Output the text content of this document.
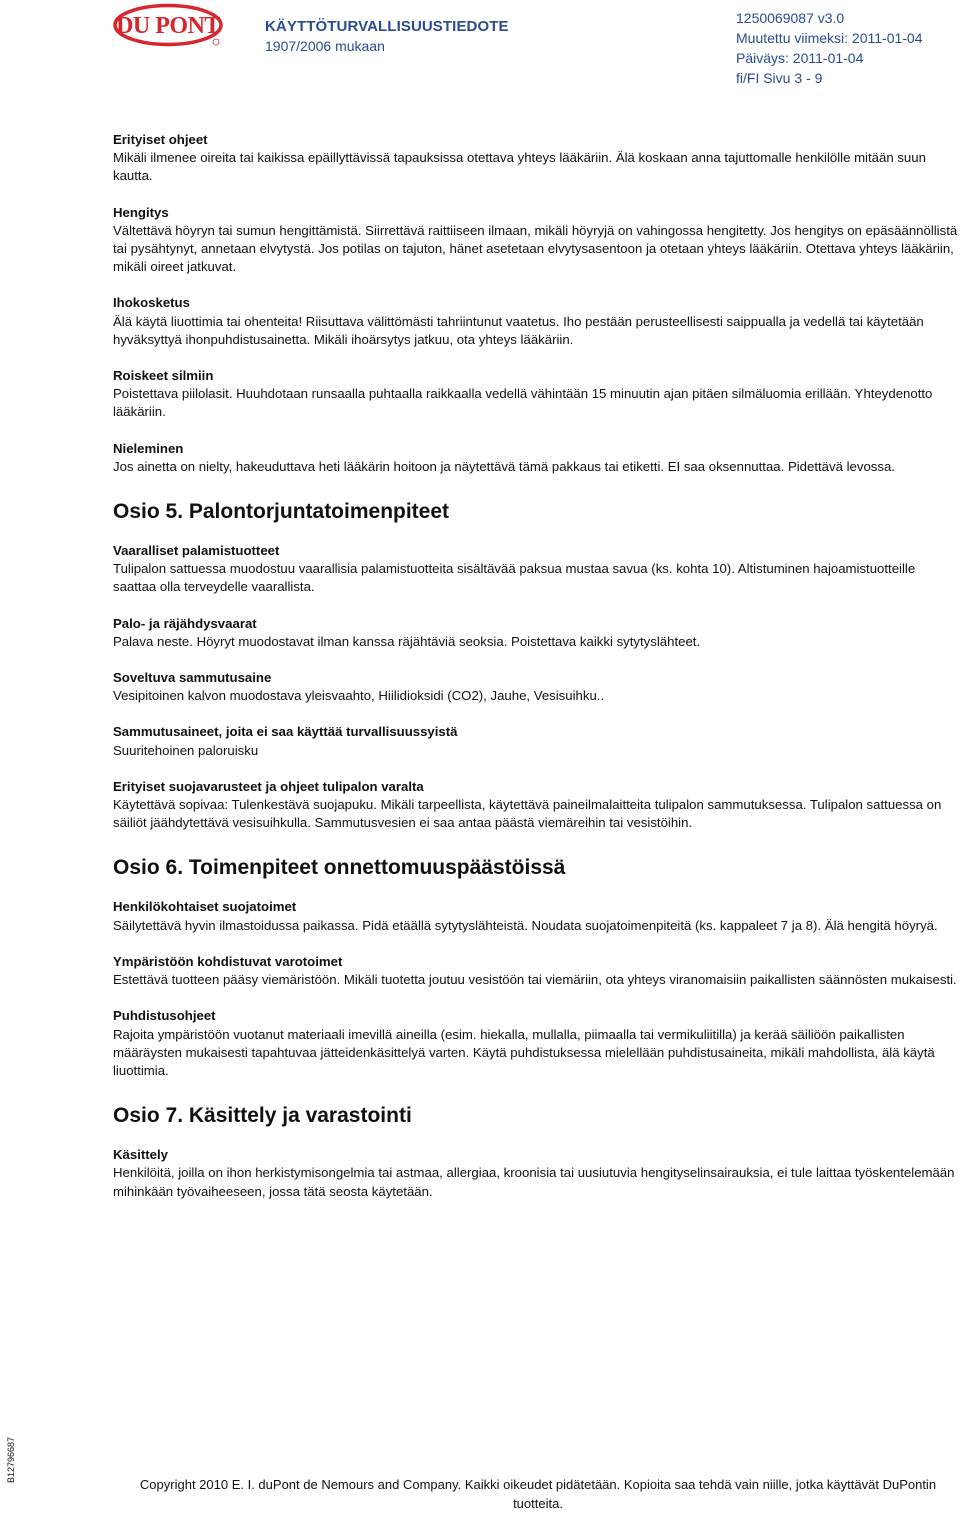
DU PONT	KÄYTTÖTURVALLISUUSTIEDOTE
1907/2006 mukaan
1250069087 v3.0
Muutettu viimeksi: 2011-01-04
Päiväys: 2011-01-04
fi/FI Sivu 3 - 9

Erityiset ohjeet

Mikäli ilmenee oireita tai kaikissa epäillyttävissä tapauksissa otettava yhteys lääkäriin. Älä koskaan anna tajuttomalle henkilölle mitään suun kautta.

Hengitys

Vältettävä höyryn tai sumun hengittämistä. Siirrettävä raittiiseen ilmaan, mikäli höyryjä on vahingossa hengitetty. Jos hengitys on epäsäännöllistä tai pysähtynyt, annetaan elvytystä. Jos potilas on tajuton, hänet asetetaan elvytysasentoon ja otetaan yhteys lääkäriin. Otettava yhteys lääkäriin, mikäli oireet jatkuvat.

Ihokosketus

Älä käytä liuottimia tai ohenteita! Riisuttava välittömästi tahriintunut vaatetus. Iho pestään perusteellisesti saippualla ja vedellä tai käytetään hyväksyttyä ihonpuhdistusainetta. Mikäli ihoärsytys jatkuu, ota yhteys lääkäriin.

Roiskeet silmiin

Poistettava piilolasit. Huuhdotaan runsaalla puhtaalla raikkaalla vedellä vähintään 15 minuutin ajan pitäen silmäluomia erillään. Yhteydenotto lääkäriin.

Nieleminen

Jos ainetta on nielty, hakeuduttava heti lääkärin hoitoon ja näytettävä tämä pakkaus tai etiketti. EI saa oksennuttaa. Pidettävä levossa.

Osio 5. Palontorjuntatoimenpiteet

Vaaralliset palamistuotteet

Tulipalon sattuessa muodostuu vaarallisia palamistuotteita sisältävää paksua mustaa savua (ks. kohta 10). Altistuminen hajoamistuotteille saattaa olla terveydelle vaarallista.

Palo- ja räjähdysvaarat

Palava neste. Höyryt muodostavat ilman kanssa räjähtäviä seoksia. Poistettava kaikki sytytyslähteet.

Soveltuva sammutusaine

Vesipitoinen kalvon muodostava yleisvaahto, Hiilidioksidi (CO2), Jauhe, Vesisuihku..

Sammutusaineet, joita ei saa käyttää turvallisuussyistä

Suuritehoinen paloruisku

Erityiset suojavarusteet ja ohjeet tulipalon varalta

Käytettävä sopivaa: Tulenkestävä suojapuku. Mikäli tarpeellista, käytettävä paineilmalaitteita tulipalon sammutuksessa. Tulipalon sattuessa on säiliöt jäähdytettävä vesisuihkulla. Sammutusvesien ei saa antaa päästä viemäreihin tai vesistöihin.

Osio 6. Toimenpiteet onnettomuuspäästöissä

Henkilökohtaiset suojatoimet

Säilytettävä hyvin ilmastoidussa paikassa. Pidä etäällä sytytyslähteistä. Noudata suojatoimenpiteitä (ks. kappaleet 7 ja 8). Älä hengitä höyryä.

Ympäristöön kohdistuvat varotoimet

Estettävä tuotteen pääsy viemäristöön. Mikäli tuotetta joutuu vesistöön tai viemäriin, ota yhteys viranomaisiin paikallisten säännösten mukaisesti.

Puhdistusohjeet

Rajoita ympäristöön vuotanut materiaali imevillä aineilla (esim. hiekalla, mullalla, piimaalla tai vermikuliitilla) ja kerää säiliöön paikallisten määräysten mukaisesti tapahtuvaa jätteidenkäsittelyä varten. Käytä puhdistuksessa mielellään puhdistusaineita, mikäli mahdollista, älä käytä liuottimia.

Osio 7. Käsittely ja varastointi

Käsittely

Henkilöitä, joilla on ihon herkistymisongelmia tai astmaa, allergiaa, kroonisia tai uusiutuvia hengityselinsairauksia, ei tule laittaa työskentelemään mihinkään työvaiheeseen, jossa tätä seosta käytetään.

B12796687
Copyright 2010 E. I. duPont de Nemours and Company. Kaikki oikeudet pidätetään. Kopioita saa tehdä vain niille, jotka käyttävät DuPontin tuotteita.
